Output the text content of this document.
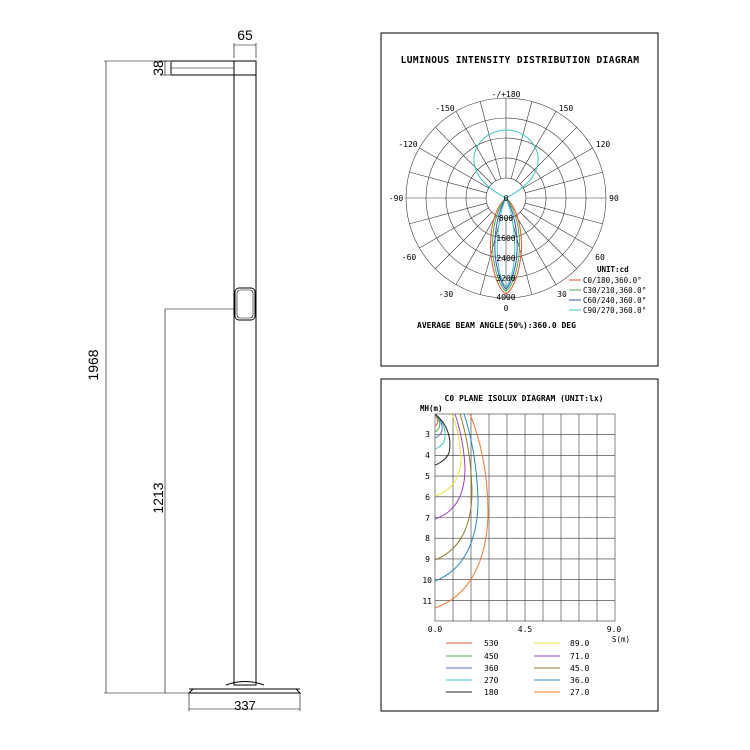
65
38
1968
1213
337
LUMINOUS INTENSITY DISTRIBUTION DIAGRAM
-/+180
-150	150
-120	120
-90	90
-60	60
-30	30
0
0
800
1600
2400
3200
4000
UNIT:cd
C0/180,360.0°
C30/210,360.0°
C60/240,360.0°
C90/270,360.0°
AVERAGE BEAM ANGLE(50%):360.0 DEG
C0 PLANE ISOLUX DIAGRAM (UNIT:lx)
MH(m)
3
4
5
6
7
8
9
10
11
0.0	4.5	9.0
S(m)
530
450
360
270
180
89.0
71.0
45.0
36.0
27.0
